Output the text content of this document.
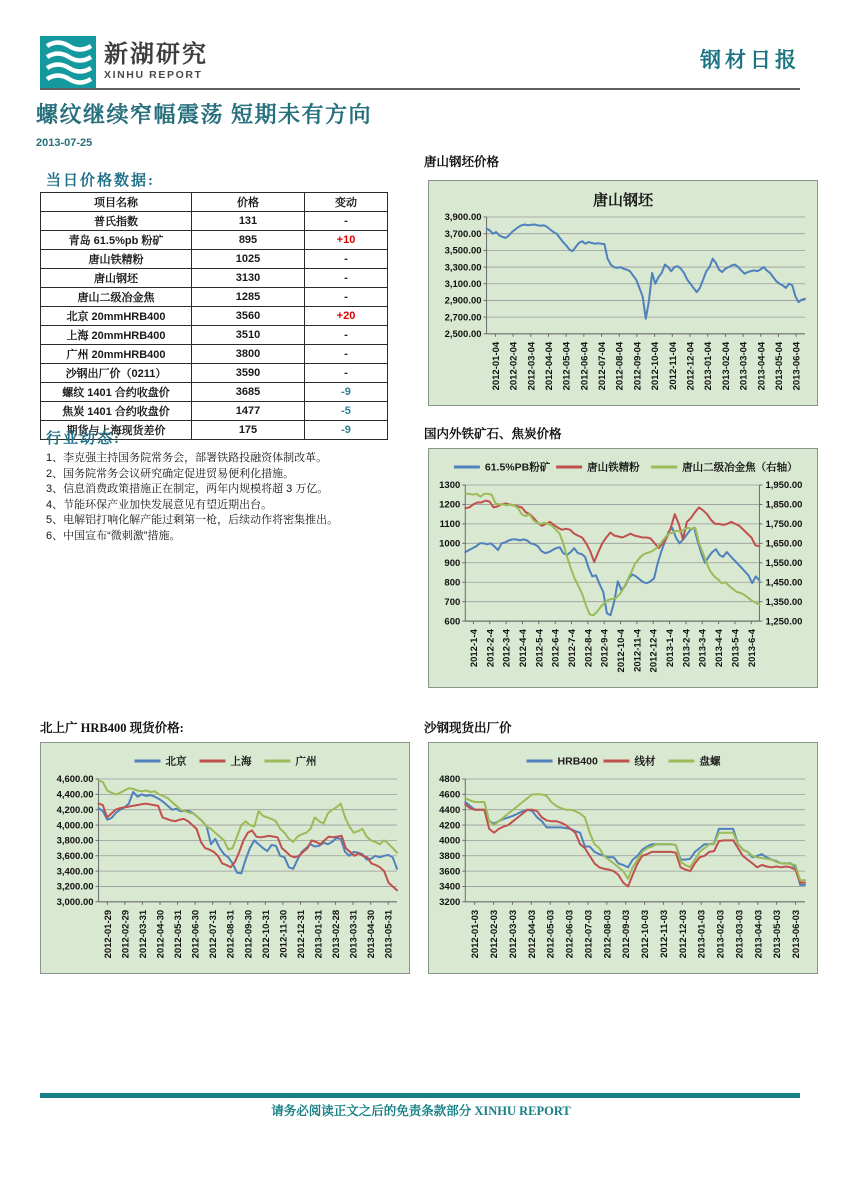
新湖研究
XINHU REPORT
钢材日报
螺纹继续窄幅震荡 短期未有方向
2013-07-25
当日价格数据:
项目名称	价格	变动
普氏指数	131	-
青岛 61.5%pb 粉矿	895	+10
唐山铁精粉	1025	-
唐山钢坯	3130	-
唐山二级冶金焦	1285	-
北京 20mmHRB400	3560	+20
上海 20mmHRB400	3510	-
广州 20mmHRB400	3800	-
沙钢出厂价（0211）	3590	-
螺纹 1401 合约收盘价	3685	-9
焦炭 1401 合约收盘价	1477	-5
期货与上海现货差价	175	-9
行业动态:
1、李克强主持国务院常务会，部署铁路投融资体制改革。
2、国务院常务会议研究确定促进贸易便利化措施。
3、信息消费政策措施正在制定，两年内规模将超 3 万亿。
4、节能环保产业加快发展意见有望近期出台。
5、电解铝打响化解产能过剩第一枪，后续动作将密集推出。
6、中国宣布“微刺激”措施。
唐山钢坯价格
国内外铁矿石、焦炭价格
北上广 HRB400 现货价格:	沙钢现货出厂价
唐山钢坯
2,500.00
2,700.00
2,900.00
3,100.00
3,300.00
3,500.00
3,700.00
3,900.00
2012-01-04 2012-02-04 2012-03-04 2012-04-04 2012-05-04 2012-06-04 2012-07-04 2012-08-04 2012-09-04 2012-10-04 2012-11-04 2012-12-04 2013-01-04 2013-02-04 2013-03-04 2013-04-04 2013-05-04 2013-06-04
61.5%PB粉矿	唐山铁精粉	唐山二级冶金焦（右轴）
600	1,250.00
700	1,350.00
800	1,450.00
900	1,550.00
1000	1,650.00
1100	1,750.00
1200	1,850.00
1300	1,950.00
2012-1-4 2012-2-4 2012-3-4 2012-4-4 2012-5-4 2012-6-4 2012-7-4 2012-8-4 2012-9-4 2012-10-4 2012-11-4 2012-12-4 2013-1-4 2013-2-4 2013-3-4 2013-4-4 2013-5-4 2013-6-4
北京	上海	广州
3,000.00
3,200.00
3,400.00
3,600.00
3,800.00
4,000.00
4,200.00
4,400.00
4,600.00
2012-01-29 2012-02-29 2012-03-31 2012-04-30 2012-05-31 2012-06-30 2012-07-31 2012-08-31 2012-09-30 2012-10-31 2012-11-30 2012-12-31 2013-01-31 2013-02-28 2013-03-31 2013-04-30 2013-05-31
HRB400	线材	盘螺
3200
3400
3600
3800
4000
4200
4400
4600
4800
2012-01-03 2012-02-03 2012-03-03 2012-04-03 2012-05-03 2012-06-03 2012-07-03 2012-08-03 2012-09-03 2012-10-03 2012-11-03 2012-12-03 2013-01-03 2013-02-03 2013-03-03 2013-04-03 2013-05-03 2013-06-03
请务必阅读正文之后的免责条款部分 XINHU REPORT
